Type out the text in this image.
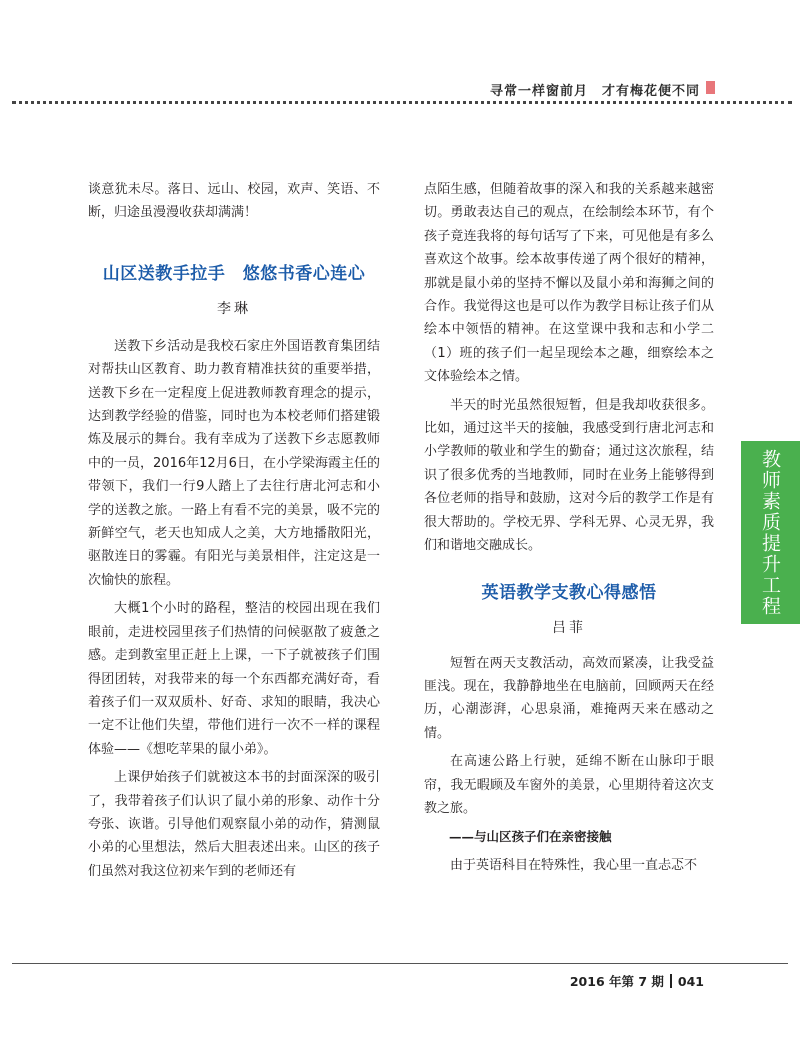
寻常一样窗前月　才有梅花便不同

谈意犹未尽。落日、远山、校园，欢声、笑语、不断，归途虽漫漫收获却满满！

山区送教手拉手　悠悠书香心连心
李琳

送教下乡活动是我校石家庄外国语教育集团结对帮扶山区教育、助力教育精准扶贫的重要举措，送教下乡在一定程度上促进教师教育理念的提示，达到教学经验的借鉴，同时也为本校老师们搭建锻炼及展示的舞台。我有幸成为了送教下乡志愿教师中的一员，2016年12月6日，在小学梁海霞主任的带领下，我们一行9人踏上了去往行唐北河志和小学的送教之旅。一路上有看不完的美景，吸不完的新鲜空气，老天也知成人之美，大方地播散阳光，驱散连日的雾霾。有阳光与美景相伴，注定这是一次愉快的旅程。

大概1个小时的路程，整洁的校园出现在我们眼前，走进校园里孩子们热情的问候驱散了疲惫之感。走到教室里正赶上上课，一下子就被孩子们围得团团转，对我带来的每一个东西都充满好奇，看着孩子们一双双质朴、好奇、求知的眼睛，我决心一定不让他们失望，带他们进行一次不一样的课程体验——《想吃苹果的鼠小弟》。

上课伊始孩子们就被这本书的封面深深的吸引了，我带着孩子们认识了鼠小弟的形象、动作十分夸张、诙谐。引导他们观察鼠小弟的动作，猜测鼠小弟的心里想法，然后大胆表述出来。山区的孩子们虽然对我这位初来乍到的老师还有

点陌生感，但随着故事的深入和我的关系越来越密切。勇敢表达自己的观点，在绘制绘本环节，有个孩子竟连我将的每句话写了下来，可见他是有多么喜欢这个故事。绘本故事传递了两个很好的精神，那就是鼠小弟的坚持不懈以及鼠小弟和海狮之间的合作。我觉得这也是可以作为教学目标让孩子们从绘本中领悟的精神。在这堂课中我和志和小学二（1）班的孩子们一起呈现绘本之趣，细察绘本之文体验绘本之情。

半天的时光虽然很短暂，但是我却收获很多。比如，通过这半天的接触，我感受到行唐北河志和小学教师的敬业和学生的勤奋；通过这次旅程，结识了很多优秀的当地教师，同时在业务上能够得到各位老师的指导和鼓励，这对今后的教学工作是有很大帮助的。学校无界、学科无界、心灵无界，我们和谐地交融成长。

英语教学支教心得感悟
吕菲

短暂在两天支教活动，高效而紧凑，让我受益匪浅。现在，我静静地坐在电脑前，回顾两天在经历，心潮澎湃，心思泉涌，难掩两天来在感动之情。

在高速公路上行驶，延绵不断在山脉印于眼帘，我无暇顾及车窗外的美景，心里期待着这次支教之旅。

——与山区孩子们在亲密接触

由于英语科目在特殊性，我心里一直忐忑不

教师素质提升工程
2016 年第 7 期 041
